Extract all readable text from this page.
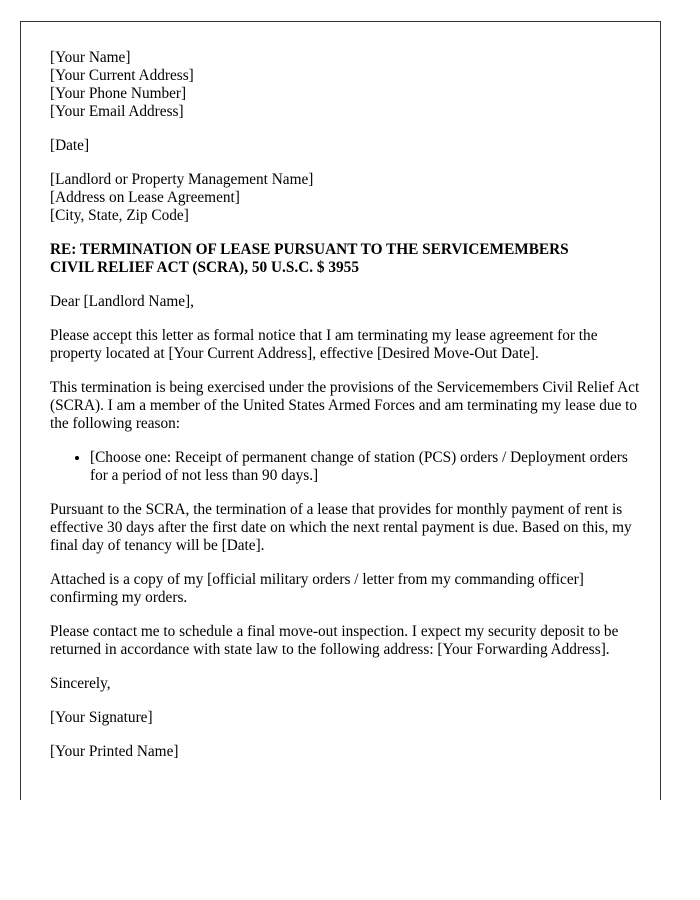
[Your Name]
[Your Current Address]
[Your Phone Number]
[Your Email Address]
[Date]
[Landlord or Property Management Name]
[Address on Lease Agreement]
[City, State, Zip Code]
RE: TERMINATION OF LEASE PURSUANT TO THE SERVICEMEMBERS
CIVIL RELIEF ACT (SCRA), 50 U.S.C. $ 3955
Dear [Landlord Name],
Please accept this letter as formal notice that I am terminating my lease agreement for the property located at [Your Current Address], effective [Desired Move-Out Date].
This termination is being exercised under the provisions of the Servicemembers Civil Relief Act (SCRA). I am a member of the United States Armed Forces and am terminating my lease due to the following reason:
• [Choose one: Receipt of permanent change of station (PCS) orders / Deployment orders for a period of not less than 90 days.]
Pursuant to the SCRA, the termination of a lease that provides for monthly payment of rent is effective 30 days after the first date on which the next rental payment is due. Based on this, my final day of tenancy will be [Date].
Attached is a copy of my [official military orders / letter from my commanding officer] confirming my orders.
Please contact me to schedule a final move-out inspection. I expect my security deposit to be returned in accordance with state law to the following address: [Your Forwarding Address].
Sincerely,
[Your Signature]
[Your Printed Name]
